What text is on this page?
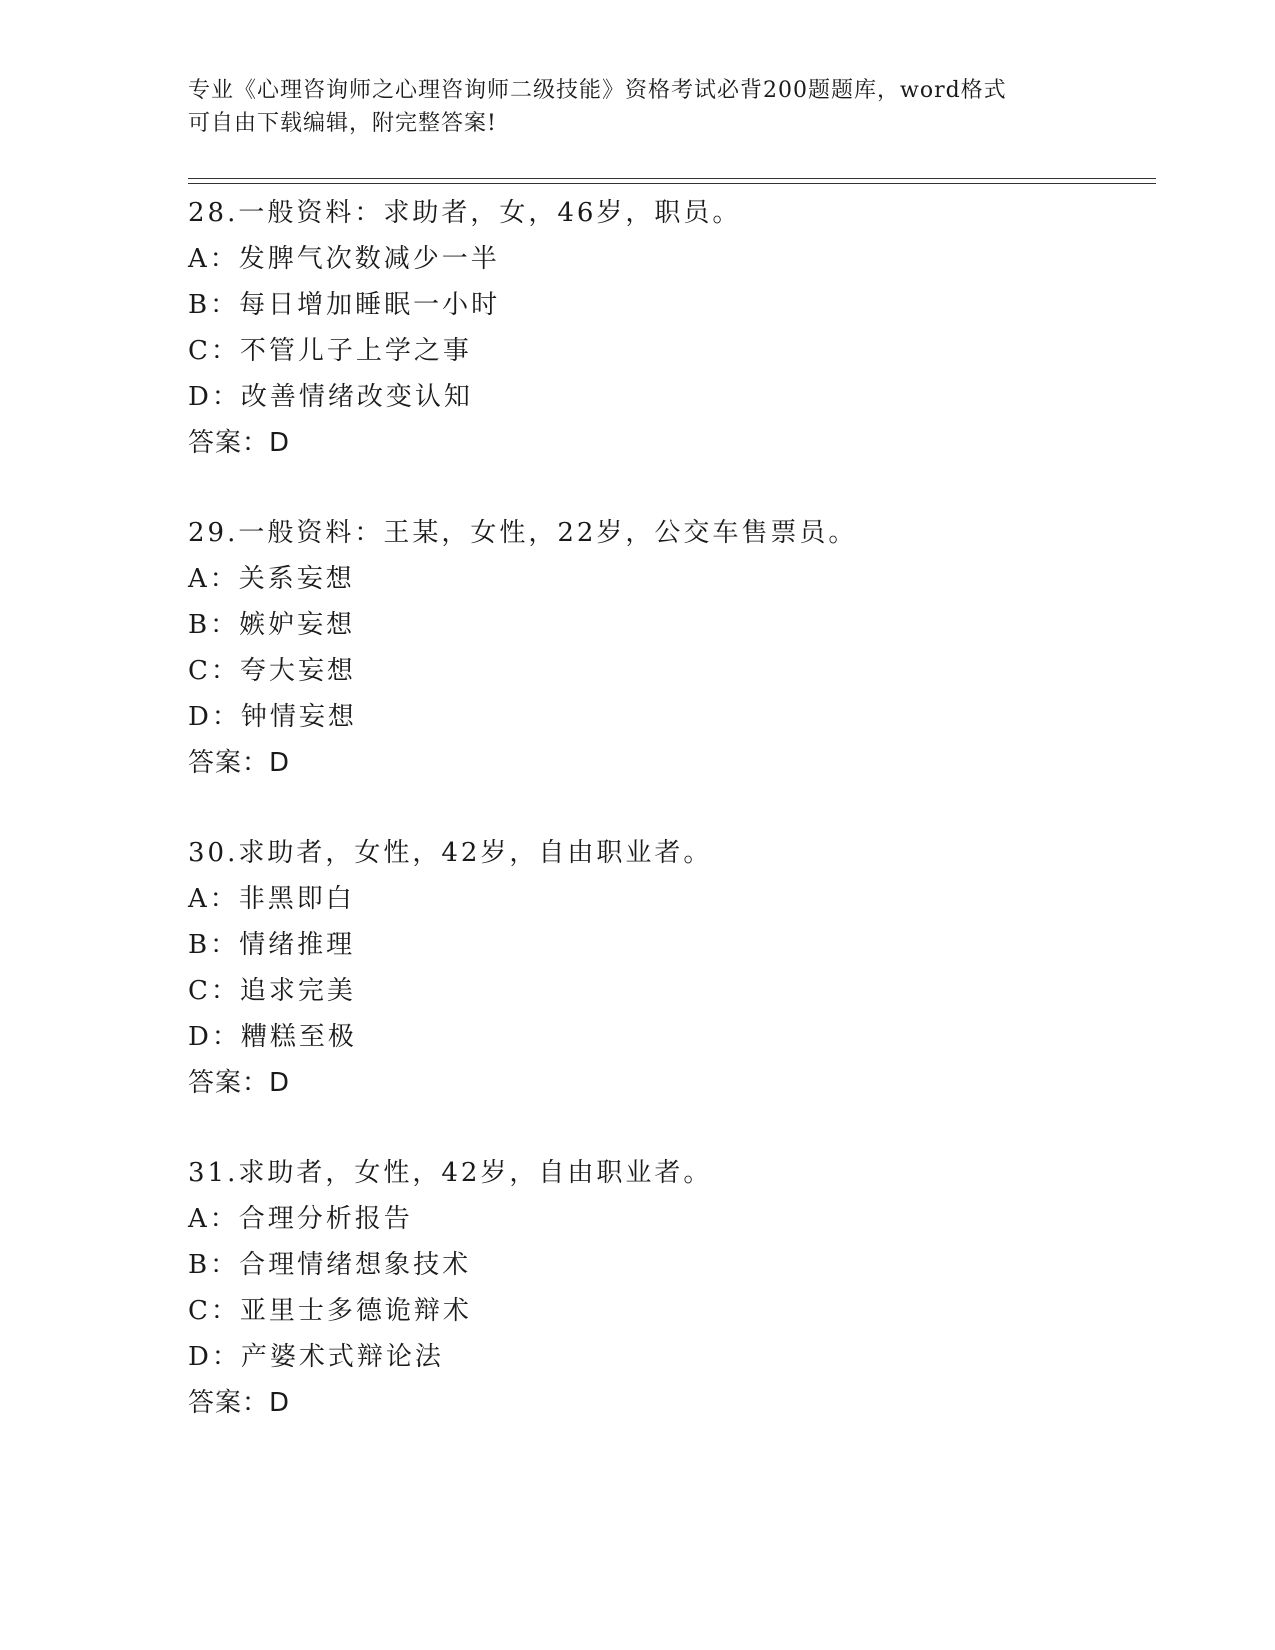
专业《心理咨询师之心理咨询师二级技能》资格考试必背200题题库，word格式
可自由下载编辑，附完整答案!
28.一般资料：求助者，女，46岁，职员。
A：发脾气次数减少一半
B：每日增加睡眠一小时
C：不管儿子上学之事
D：改善情绪改变认知
答案：D
29.一般资料：王某，女性，22岁，公交车售票员。
A：关系妄想
B：嫉妒妄想
C：夸大妄想
D：钟情妄想
答案：D
30.求助者，女性，42岁，自由职业者。
A：非黑即白
B：情绪推理
C：追求完美
D：糟糕至极
答案：D
31.求助者，女性，42岁，自由职业者。
A：合理分析报告
B：合理情绪想象技术
C：亚里士多德诡辩术
D：产婆术式辩论法
答案：D
